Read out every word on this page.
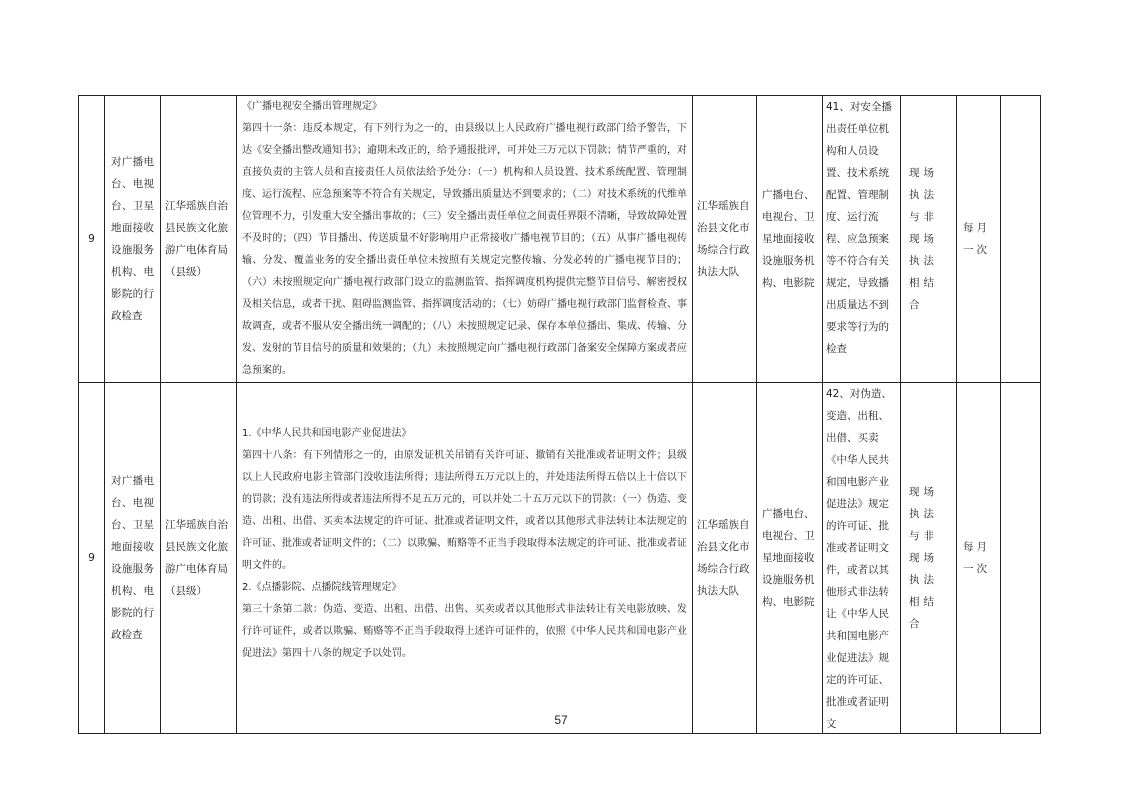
9	对广播电台、电视台、卫星地面接收设施服务机构、电影院的行政检查	江华瑶族自治县民族文化旅游广电体育局（县级）	《广播电视安全播出管理规定》
第四十一条：违反本规定，有下列行为之一的，由县级以上人民政府广播电视行政部门给予警告，下达《安全播出整改通知书》；逾期未改正的，给予通报批评，可并处三万元以下罚款；情节严重的，对直接负责的主管人员和直接责任人员依法给予处分：（一）机构和人员设置、技术系统配置、管理制度、运行流程、应急预案等不符合有关规定，导致播出质量达不到要求的；（二）对技术系统的代维单位管理不力，引发重大安全播出事故的；（三）安全播出责任单位之间责任界限不清晰，导致故障处置不及时的；（四）节目播出、传送质量不好影响用户正常接收广播电视节目的；（五）从事广播电视传输、分发、覆盖业务的安全播出责任单位未按照有关规定完整传输、分发必转的广播电视节目的；（六）未按照规定向广播电视行政部门设立的监测监管、指挥调度机构提供完整节目信号、解密授权及相关信息，或者干扰、阻碍监测监管、指挥调度活动的；（七）妨碍广播电视行政部门监督检查、事故调查，或者不服从安全播出统一调配的；（八）未按照规定记录、保存本单位播出、集成、传输、分发、发射的节目信号的质量和效果的；（九）未按照规定向广播电视行政部门备案安全保障方案或者应急预案的。	江华瑶族自治县文化市场综合行政执法大队	广播电台、电视台、卫星地面接收设施服务机构、电影院	41、对安全播出责任单位机构和人员设置、技术系统配置、管理制度、运行流程、应急预案等不符合有关规定，导致播出质量达不到要求等行为的检查	现场执法与非现场执法相结合	每月一次	
9	对广播电台、电视台、卫星地面接收设施服务机构、电影院的行政检查	江华瑶族自治县民族文化旅游广电体育局（县级）	1.《中华人民共和国电影产业促进法》
第四十八条：有下列情形之一的，由原发证机关吊销有关许可证、撤销有关批准或者证明文件；县级以上人民政府电影主管部门没收违法所得；违法所得五万元以上的，并处违法所得五倍以上十倍以下的罚款；没有违法所得或者违法所得不足五万元的，可以并处二十五万元以下的罚款：（一）伪造、变造、出租、出借、买卖本法规定的许可证、批准或者证明文件，或者以其他形式非法转让本法规定的许可证、批准或者证明文件的；（二）以欺骗、贿赂等不正当手段取得本法规定的许可证、批准或者证明文件的。
2.《点播影院、点播院线管理规定》
第三十条第二款：伪造、变造、出租、出借、出售、买卖或者以其他形式非法转让有关电影放映、发行许可证件，或者以欺骗、贿赂等不正当手段取得上述许可证件的，依照《中华人民共和国电影产业促进法》第四十八条的规定予以处罚。	江华瑶族自治县文化市场综合行政执法大队	广播电台、电视台、卫星地面接收设施服务机构、电影院	42、对伪造、变造、出租、出借、买卖《中华人民共和国电影产业促进法》规定的许可证、批准或者证明文件，或者以其他形式非法转让《中华人民共和国电影产业促进法》规定的许可证、批准或者证明文	现场执法与非现场执法相结合	每月一次	
57
